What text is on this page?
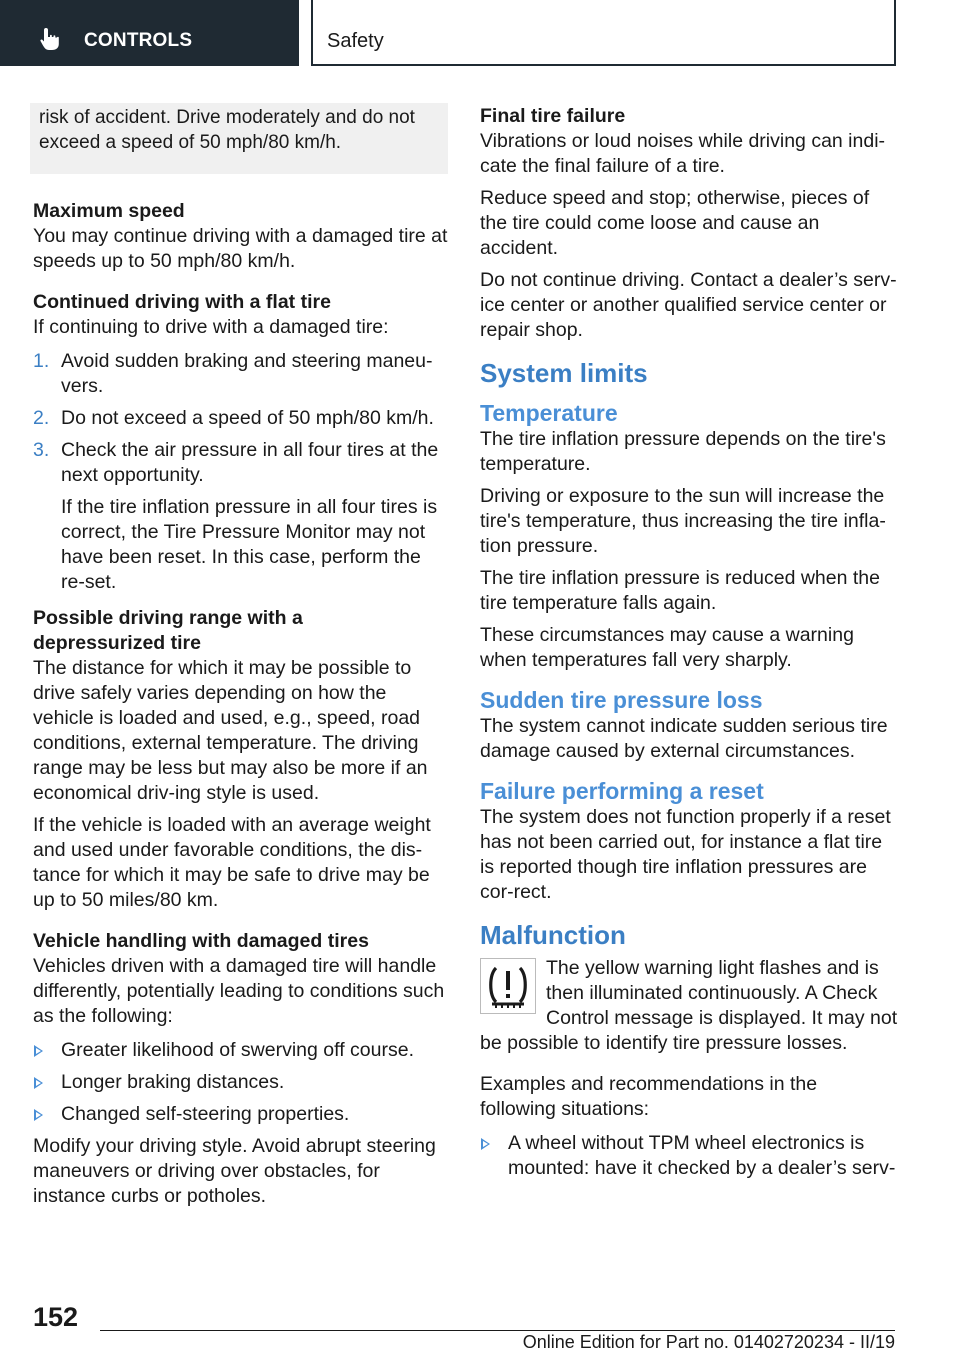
CONTROLS	Safety
risk of accident. Drive moderately and do not exceed a speed of 50 mph/80 km/h.
Maximum speed

You may continue driving with a damaged tire at speeds up to 50 mph/80 km/h.

Continued driving with a flat tire

If continuing to drive with a damaged tire:

1. Avoid sudden braking and steering maneu‐vers.
2. Do not exceed a speed of 50 mph/80 km/h.
3. Check the air pressure in all four tires at the next opportunity.
If the tire inflation pressure in all four tires is correct, the Tire Pressure Monitor may not have been reset. In this case, perform the re‐set.
Possible driving range with a depressurized tire

The distance for which it may be possible to drive safely varies depending on how the vehicle is loaded and used, e.g., speed, road conditions, external temperature. The driving range may be less but may also be more if an economical driv‐ing style is used.

If the vehicle is loaded with an average weight and used under favorable conditions, the dis‐tance for which it may be safe to drive may be up to 50 miles/80 km.

Vehicle handling with damaged tires

Vehicles driven with a damaged tire will handle differently, potentially leading to conditions such as the following:

Greater likelihood of swerving off course.
Longer braking distances.
Changed self-steering properties.

Modify your driving style. Avoid abrupt steering maneuvers or driving over obstacles, for instance curbs or potholes.

Final tire failure

Vibrations or loud noises while driving can indi‐cate the final failure of a tire.

Reduce speed and stop; otherwise, pieces of the tire could come loose and cause an accident.

Do not continue driving. Contact a dealer’s serv‐ice center or another qualified service center or repair shop.

System limits
Temperature

The tire inflation pressure depends on the tire's temperature.

Driving or exposure to the sun will increase the tire's temperature, thus increasing the tire infla‐tion pressure.

The tire inflation pressure is reduced when the tire temperature falls again.

These circumstances may cause a warning when temperatures fall very sharply.

Sudden tire pressure loss

The system cannot indicate sudden serious tire damage caused by external circumstances.

Failure performing a reset

The system does not function properly if a reset has not been carried out, for instance a flat tire is reported though tire inflation pressures are cor‐rect.

Malfunction

The yellow warning light flashes and is then illuminated continuously. A Check Control message is displayed. It may not be possible to identify tire pressure losses.

Examples and recommendations in the following situations:

A wheel without TPM wheel electronics is mounted: have it checked by a dealer’s serv‐
152
Online Edition for Part no. 01402720234 - II/19
